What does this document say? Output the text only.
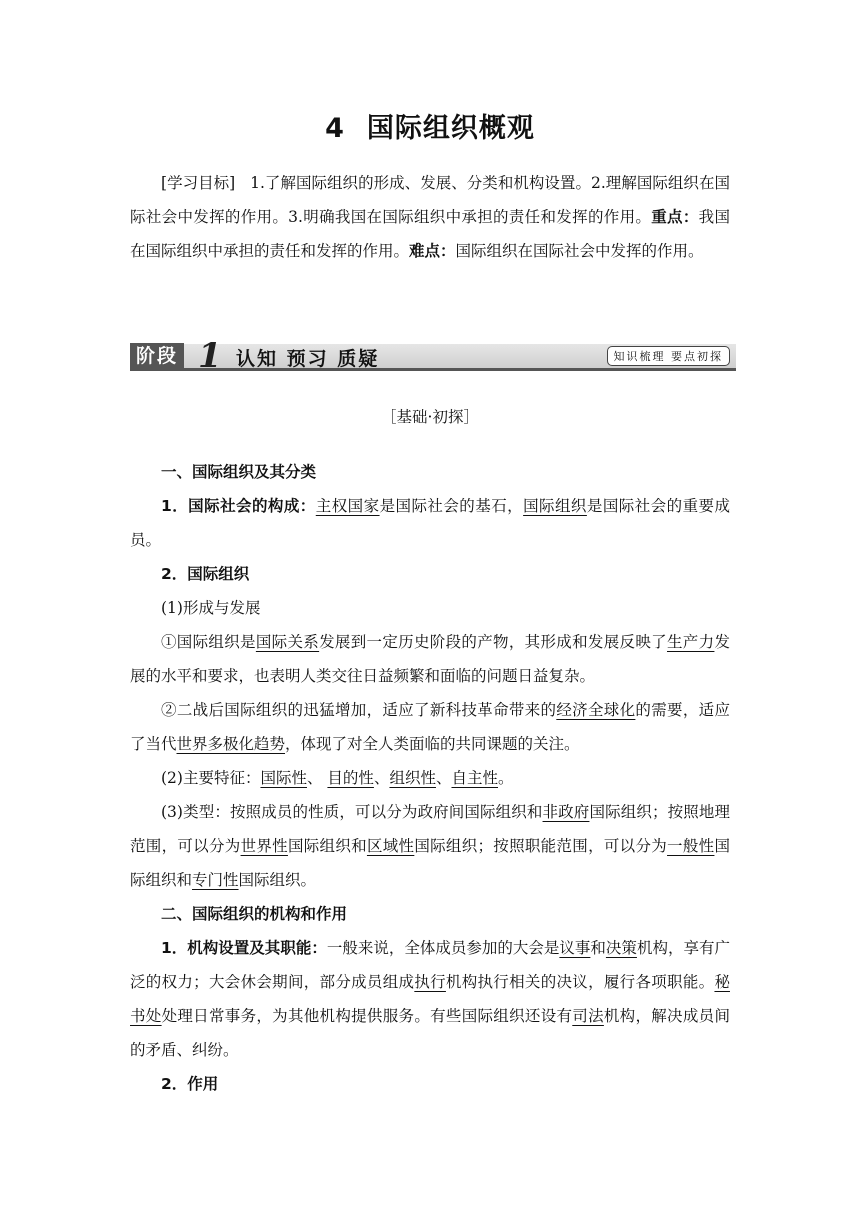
4 国际组织概观
[学习目标] 1.了解国际组织的形成、发展、分类和机构设置。2.理解国际组织在国际社会中发挥的作用。3.明确我国在国际组织中承担的责任和发挥的作用。重点：我国在国际组织中承担的责任和发挥的作用。难点：国际组织在国际社会中发挥的作用。
阶段 1 认知 预习 质疑	知识梳理 要点初探
［基础·初探］
一、国际组织及其分类
1．国际社会的构成：主权国家是国际社会的基石，国际组织是国际社会的重要成员。
2．国际组织
(1)形成与发展
①国际组织是国际关系发展到一定历史阶段的产物，其形成和发展反映了生产力发展的水平和要求，也表明人类交往日益频繁和面临的问题日益复杂。
②二战后国际组织的迅猛增加，适应了新科技革命带来的经济全球化的需要，适应了当代世界多极化趋势，体现了对全人类面临的共同课题的关注。
(2)主要特征：国际性、 目的性、组织性、自主性。
(3)类型：按照成员的性质，可以分为政府间国际组织和非政府国际组织；按照地理范围，可以分为世界性国际组织和区域性国际组织；按照职能范围，可以分为一般性国际组织和专门性国际组织。
二、国际组织的机构和作用
1．机构设置及其职能：一般来说，全体成员参加的大会是议事和决策机构，享有广泛的权力；大会休会期间，部分成员组成执行机构执行相关的决议，履行各项职能。秘书处处理日常事务，为其他机构提供服务。有些国际组织还设有司法机构，解决成员间的矛盾、纠纷。
2．作用
